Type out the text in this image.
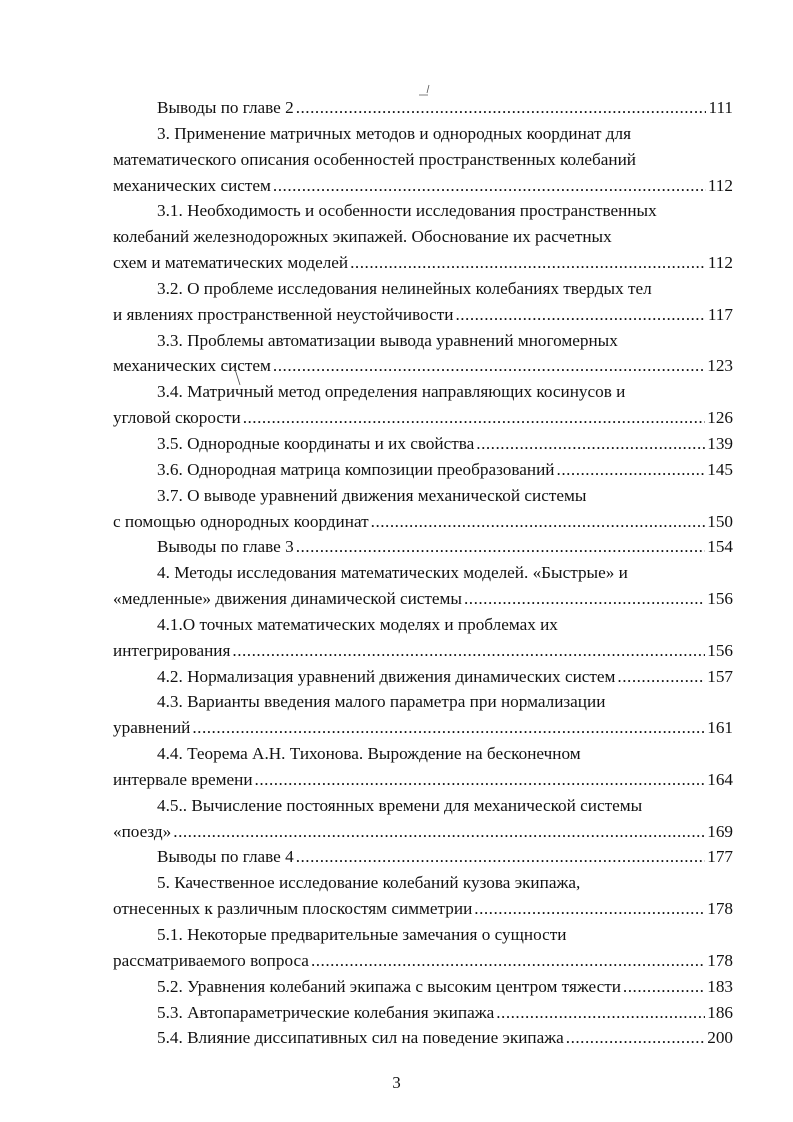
Выводы по главе 2 .....	111
3. Применение матричных методов и однородных координат для
математического описания особенностей пространственных колебаний
механических систем .....	112
3.1. Необходимость и особенности исследования пространственных
колебаний железнодорожных экипажей. Обоснование их расчетных
схем и математических моделей .....	112
3.2. О проблеме исследования нелинейных колебаниях твердых тел
и явлениях пространственной неустойчивости .....	117
3.3. Проблемы автоматизации вывода уравнений многомерных
механических систем .....	123
3.4. Матричный метод определения направляющих косинусов и
угловой скорости .....	126
3.5. Однородные координаты и их свойства .....	139
3.6. Однородная матрица композиции преобразований .....	145
3.7. О выводе уравнений движения механической системы
с помощью однородных координат .....	150
Выводы по главе 3 .....	154
4. Методы исследования математических моделей. «Быстрые» и
«медленные» движения динамической системы .....	156
4.1.О точных математических моделях и проблемах их
интегрирования .....	156
4.2. Нормализация уравнений движения динамических систем .....	157
4.3. Варианты введения малого параметра при нормализации
уравнений .....	161
4.4. Теорема А.Н. Тихонова. Вырождение на бесконечном
интервале времени .....	164
4.5.. Вычисление постоянных времени для механической системы
«поезд» .....	169
Выводы по главе 4 .....	177
5. Качественное исследование колебаний кузова экипажа,
отнесенных к различным плоскостям симметрии .....	178
5.1. Некоторые предварительные замечания о сущности
рассматриваемого вопроса .....	178
5.2. Уравнения колебаний экипажа с высоким центром тяжести .....	183
5.3. Автопараметрические колебания экипажа .....	186
5.4. Влияние диссипативных сил на поведение экипажа .....	200
3
